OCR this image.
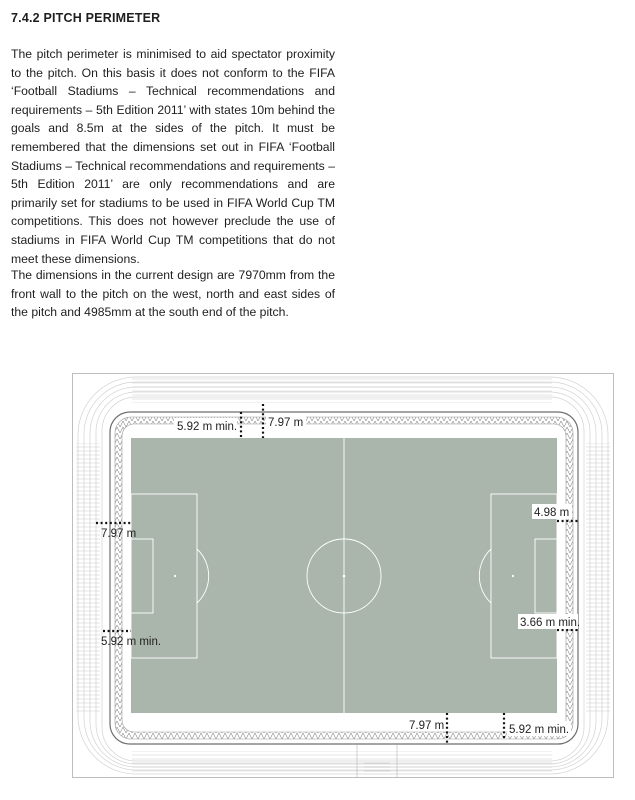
7.4.2 PITCH PERIMETER

The pitch perimeter is minimised to aid spectator proximity to the pitch. On this basis it does not conform to the FIFA ‘Football Stadiums – Technical recommendations and requirements – 5th Edition 2011’ with states 10m behind the goals and 8.5m at the sides of the pitch. It must be remembered that the dimensions set out in FIFA ‘Football Stadiums – Technical recommendations and requirements – 5th Edition 2011’ are only recommendations and are primarily set for stadiums to be used in FIFA World Cup TM competitions. This does not however preclude the use of stadiums in FIFA World Cup TM competitions that do not meet these dimensions.

The dimensions in the current design are 7970mm from the front wall to the pitch on the west, north and east sides of the pitch and 4985mm at the south end of the pitch.

5.92 m min.	7.97 m
7.97 m
5.92 m min.
4.98 m
3.66 m min.
7.97 m	5.92 m min.
